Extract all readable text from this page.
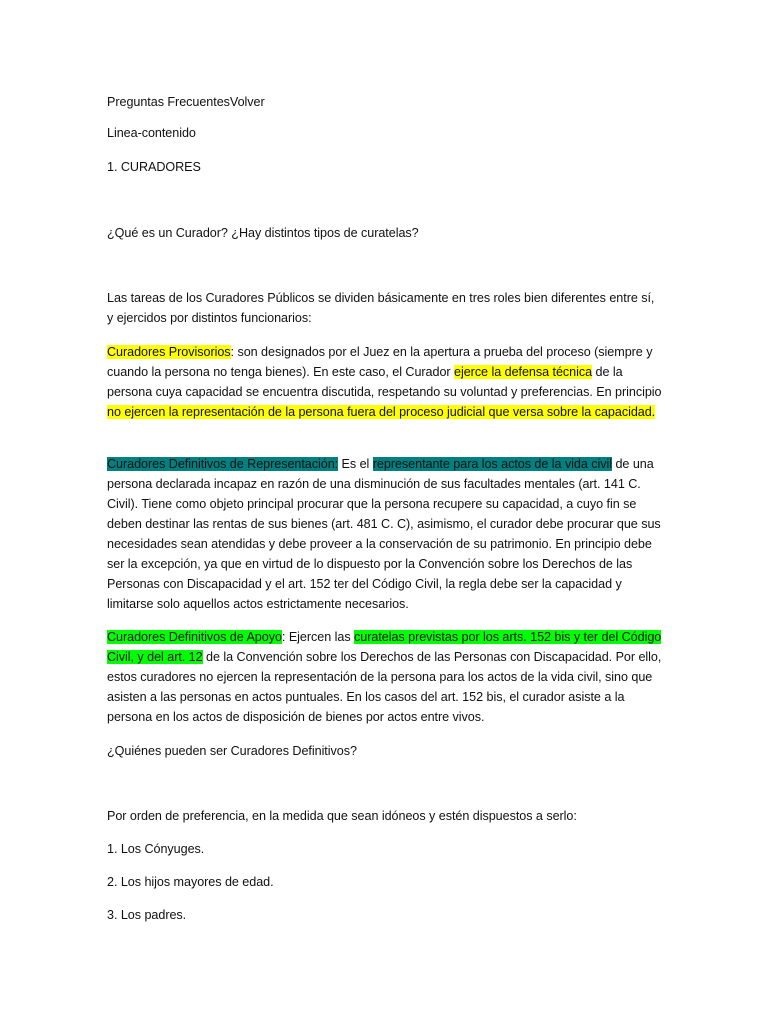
Preguntas FrecuentesVolver

Linea-contenido

1. CURADORES

¿Qué es un Curador? ¿Hay distintos tipos de curatelas?

Las tareas de los Curadores Públicos se dividen básicamente en tres roles bien diferentes entre sí, y ejercidos por distintos funcionarios:

Curadores Provisorios: son designados por el Juez en la apertura a prueba del proceso (siempre y cuando la persona no tenga bienes). En este caso, el Curador ejerce la defensa técnica de la persona cuya capacidad se encuentra discutida, respetando su voluntad y preferencias. En principio no ejercen la representación de la persona fuera del proceso judicial que versa sobre la capacidad.

Curadores Definitivos de Representación: Es el representante para los actos de la vida civil de una persona declarada incapaz en razón de una disminución de sus facultades mentales (art. 141 C. Civil). Tiene como objeto principal procurar que la persona recupere su capacidad, a cuyo fin se deben destinar las rentas de sus bienes (art. 481 C. C), asimismo, el curador debe procurar que sus necesidades sean atendidas y debe proveer a la conservación de su patrimonio. En principio debe ser la excepción, ya que en virtud de lo dispuesto por la Convención sobre los Derechos de las Personas con Discapacidad y el art. 152 ter del Código Civil, la regla debe ser la capacidad y limitarse solo aquellos actos estrictamente necesarios.

Curadores Definitivos de Apoyo: Ejercen las curatelas previstas por los arts. 152 bis y ter del Código Civil, y del art. 12 de la Convención sobre los Derechos de las Personas con Discapacidad. Por ello, estos curadores no ejercen la representación de la persona para los actos de la vida civil, sino que asisten a las personas en actos puntuales. En los casos del art. 152 bis, el curador asiste a la persona en los actos de disposición de bienes por actos entre vivos.

¿Quiénes pueden ser Curadores Definitivos?

Por orden de preferencia, en la medida que sean idóneos y estén dispuestos a serlo:

1. Los Cónyuges.

2. Los hijos mayores de edad.

3. Los padres.
